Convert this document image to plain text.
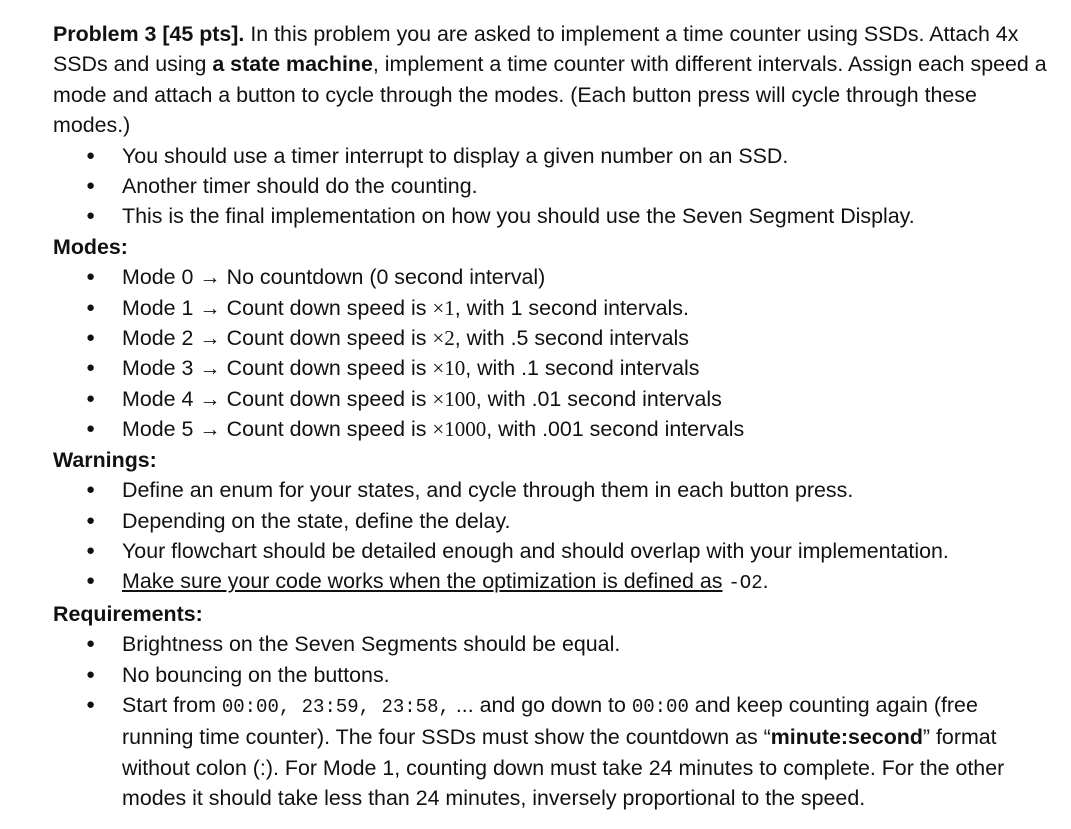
Problem 3 [45 pts]. In this problem you are asked to implement a time counter using SSDs. Attach 4x SSDs and using a state machine, implement a time counter with different intervals. Assign each speed a mode and attach a button to cycle through the modes. (Each button press will cycle through these modes.)

● You should use a timer interrupt to display a given number on an SSD.
● Another timer should do the counting.
● This is the final implementation on how you should use the Seven Segment Display.

Modes:

● Mode 0 → No countdown (0 second interval)
● Mode 1 → Count down speed is ×1, with 1 second intervals.
● Mode 2 → Count down speed is ×2, with .5 second intervals
● Mode 3 → Count down speed is ×10, with .1 second intervals
● Mode 4 → Count down speed is ×100, with .01 second intervals
● Mode 5 → Count down speed is ×1000, with .001 second intervals

Warnings:

● Define an enum for your states, and cycle through them in each button press.
● Depending on the state, define the delay.
● Your flowchart should be detailed enough and should overlap with your implementation.
● Make sure your code works when the optimization is defined as -O2.

Requirements:

● Brightness on the Seven Segments should be equal.
● No bouncing on the buttons.
● Start from 00:00, 23:59, 23:58, ... and go down to 00:00 and keep counting again (free running time counter). The four SSDs must show the countdown as “minute:second” format without colon (:). For Mode 1, counting down must take 24 minutes to complete. For the other modes it should take less than 24 minutes, inversely proportional to the speed.
